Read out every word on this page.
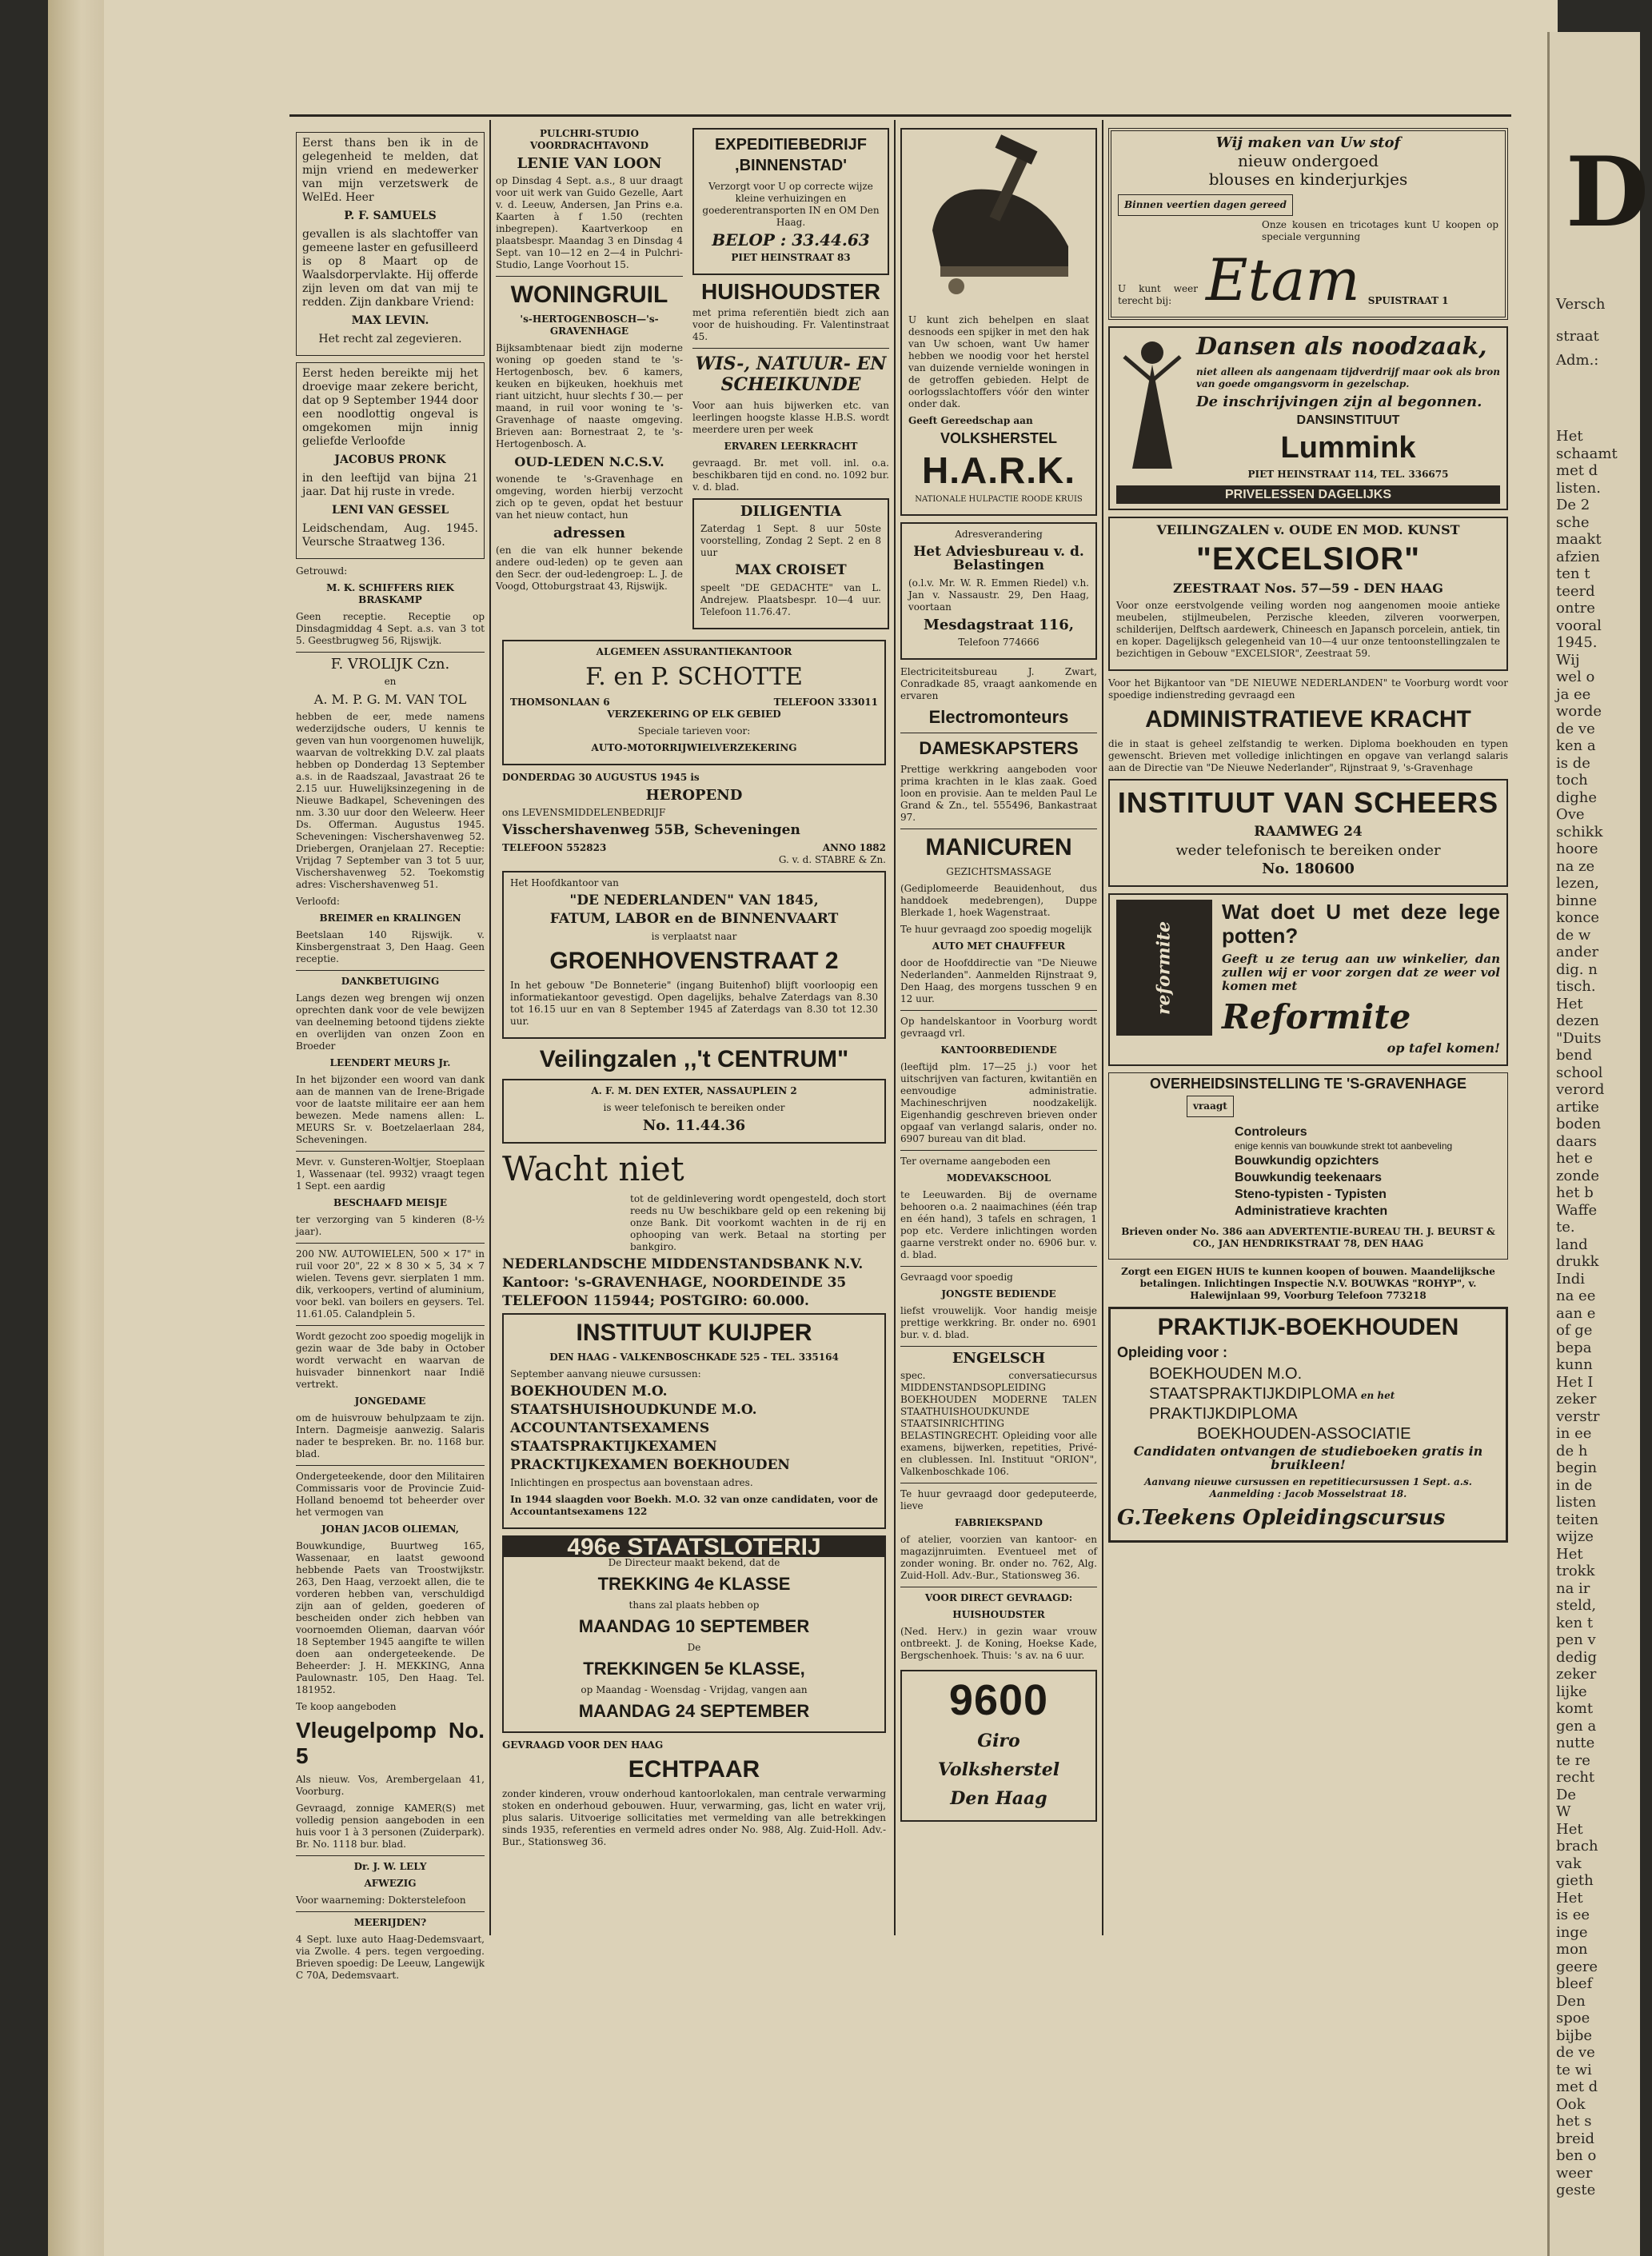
Eerst thans ben ik in de gelegenheid te melden, dat mijn vriend en medewerker van mijn verzetswerk de WelEd. Heer

P. F. SAMUELS

gevallen is als slachtoffer van gemeene laster en gefusilleerd is op 8 Maart op de Waalsdorpervlakte. Hij offerde zijn leven om dat van mij te redden. Zijn dankbare Vriend:

MAX LEVIN.

Het recht zal zegevieren.

Eerst heden bereikte mij het droevige maar zekere bericht, dat op 9 September 1944 door een noodlottig ongeval is omgekomen mijn innig geliefde Verloofde

JACOBUS PRONK

in den leeftijd van bijna 21 jaar. Dat hij ruste in vrede.

LENI VAN GESSEL

Leidschendam, Aug. 1945. Veursche Straatweg 136.

Getrouwd:

M. K. SCHIFFERS RIEK BRASKAMP

Geen receptie. Receptie op Dinsdagmiddag 4 Sept. a.s. van 3 tot 5. Geestbrugweg 56, Rijswijk.

F. VROLIJK Czn.

en

A. M. P. G. M. VAN TOL

hebben de eer, mede namens wederzijdsche ouders, U kennis te geven van hun voorgenomen huwelijk, waarvan de voltrekking D.V. zal plaats hebben op Donderdag 13 September a.s. in de Raadszaal, Javastraat 26 te 2.15 uur. Huwelijksinzegening in de Nieuwe Badkapel, Scheveningen des nm. 3.30 uur door den Weleerw. Heer Ds. Offerman. Augustus 1945. Scheveningen: Vischershavenweg 52. Driebergen, Oranjelaan 27. Receptie: Vrijdag 7 September van 3 tot 5 uur, Vischershavenweg 52. Toekomstig adres: Vischershavenweg 51.

Verloofd:

BREIMER en KRALINGEN

Beetslaan 140 Rijswijk. v. Kinsbergenstraat 3, Den Haag. Geen receptie.

DANKBETUIGING

Langs dezen weg brengen wij onzen oprechten dank voor de vele bewijzen van deelneming betoond tijdens ziekte en overlijden van onzen Zoon en Broeder

LEENDERT MEURS Jr.

In het bijzonder een woord van dank aan de mannen van de Irene-Brigade voor de laatste militaire eer aan hem bewezen. Mede namens allen: L. MEURS Sr. v. Boetzelaerlaan 284, Scheveningen.

Mevr. v. Gunsteren-Woltjer, Stoeplaan 1, Wassenaar (tel. 9932) vraagt tegen 1 Sept. een aardig

BESCHAAFD MEISJE

ter verzorging van 5 kinderen (8-½ jaar).

200 NW. AUTOWIELEN, 500 × 17" in ruil voor 20", 22 × 8 30 × 5, 34 × 7 wielen. Tevens gevr. sierplaten 1 mm. dik, verkoopers, vertind of aluminium, voor bekl. van boilers en geysers. Tel. 11.61.05. Calandplein 5.

Wordt gezocht zoo spoedig mogelijk in gezin waar de 3de baby in October wordt verwacht en waarvan de huisvader binnenkort naar Indië vertrekt.

JONGEDAME

om de huisvrouw behulpzaam te zijn. Intern. Dagmeisje aanwezig. Salaris nader te bespreken. Br. no. 1168 bur. blad.

Ondergeteekende, door den Militairen Commissaris voor de Provincie Zuid-Holland benoemd tot beheerder over het vermogen van

JOHAN JACOB OLIEMAN,

Bouwkundige, Buurtweg 165, Wassenaar, en laatst gewoond hebbende Paets van Troostwijkstr. 263, Den Haag, verzoekt allen, die te vorderen hebben van, verschuldigd zijn aan of gelden, goederen of bescheiden onder zich hebben van voornoemden Olieman, daarvan vóór 18 September 1945 aangifte te willen doen aan ondergeteekende. De Beheerder: J. H. MEKKING, Anna Paulownastr. 105, Den Haag. Tel. 181952.

Te koop aangeboden

Vleugelpomp No. 5

Als nieuw. Vos, Arembergelaan 41, Voorburg.

Gevraagd, zonnige KAMER(S) met volledig pension aangeboden in een huis voor 1 à 3 personen (Zuiderpark). Br. No. 1118 bur. blad.

Dr. J. W. LELY

AFWEZIG

Voor waarneming: Dokterstelefoon

MEERIJDEN?

4 Sept. luxe auto Haag-Dedemsvaart, via Zwolle. 4 pers. tegen vergoeding. Brieven spoedig: De Leeuw, Langewijk C 70A, Dedemsvaart.

PULCHRI-STUDIO VOORDRACHTAVOND

LENIE VAN LOON

op Dinsdag 4 Sept. a.s., 8 uur draagt voor uit werk van Guido Gezelle, Aart v. d. Leeuw, Andersen, Jan Prins e.a. Kaarten à f 1.50 (rechten inbegrepen). Kaartverkoop en plaatsbespr. Maandag 3 en Dinsdag 4 Sept. van 10—12 en 2—4 in Pulchri-Studio, Lange Voorhout 15.

WONINGRUIL

's-HERTOGENBOSCH—'s-GRAVENHAGE

Bijksambtenaar biedt zijn moderne woning op goeden stand te 's-Hertogenbosch, bev. 6 kamers, keuken en bijkeuken, hoekhuis met riant uitzicht, huur slechts f 30.— per maand, in ruil voor woning te 's-Gravenhage of naaste omgeving. Brieven aan: Bornestraat 2, te 's-Hertogenbosch. A.

OUD-LEDEN N.C.S.V.

wonende te 's-Gravenhage en omgeving, worden hierbij verzocht zich op te geven, opdat het bestuur van het nieuw contact, hun

adressen

(en die van elk hunner bekende andere oud-leden) op te geven aan den Secr. der oud-ledengroep: L. J. de Voogd, Ottoburgstraat 43, Rijswijk.

EXPEDITIEBEDRIJF ,BINNENSTAD'

Verzorgt voor U op correcte wijze kleine verhuizingen en goederentransporten IN en OM Den Haag.

BELOP : 33.44.63

PIET HEINSTRAAT 83

HUISHOUDSTER

met prima referentiën biedt zich aan voor de huishouding. Fr. Valentinstraat 45.

WIS-, NATUUR- EN SCHEIKUNDE

Voor aan huis bijwerken etc. van leerlingen hoogste klasse H.B.S. wordt meerdere uren per week

ERVAREN LEERKRACHT

gevraagd. Br. met voll. inl. o.a. beschikbaren tijd en cond. no. 1092 bur. v. d. blad.

DILIGENTIA

Zaterdag 1 Sept. 8 uur 50ste voorstelling, Zondag 2 Sept. 2 en 8 uur

MAX CROISET

speelt "DE GEDACHTE" van L. Andrejew. Plaatsbespr. 10—4 uur. Telefoon 11.76.47.

ALGEMEEN ASSURANTIEKANTOOR

F. en P. SCHOTTE

THOMSONLAAN 6	TELEFOON 333011

VERZEKERING OP ELK GEBIED

Speciale tarieven voor:

AUTO-MOTORRIJWIELVERZEKERING

DONDERDAG 30 AUGUSTUS 1945 is

HEROPEND

ons LEVENSMIDDELENBEDRIJF

Visschershavenweg 55B, Scheveningen

TELEFOON 552823	ANNO 1882

G. v. d. STABRE & Zn.

Het Hoofdkantoor van

"DE NEDERLANDEN" VAN 1845,

FATUM, LABOR en de BINNENVAART

is verplaatst naar

GROENHOVENSTRAAT 2

In het gebouw "De Bonneterie" (ingang Buitenhof) blijft voorloopig een informatiekantoor gevestigd. Open dagelijks, behalve Zaterdags van 8.30 tot 16.15 uur en van 8 September 1945 af Zaterdags van 8.30 tot 12.30 uur.

Veilingzalen ,,'t CENTRUM"

A. F. M. DEN EXTER, NASSAUPLEIN 2

is weer telefonisch te bereiken onder

No. 11.44.36

Wacht niet

tot de geldinlevering wordt opengesteld, doch stort reeds nu Uw beschikbare geld op een rekening bij onze Bank. Dit voorkomt wachten in de rij en ophooping van werk. Betaal na storting per bankgiro.

NEDERLANDSCHE MIDDENSTANDSBANK N.V.

Kantoor: 's-GRAVENHAGE, NOORDEINDE 35

TELEFOON 115944; POSTGIRO: 60.000.

INSTITUUT KUIJPER

DEN HAAG - VALKENBOSCHKADE 525 - TEL. 335164

September aanvang nieuwe cursussen:

BOEKHOUDEN M.O.

STAATSHUISHOUDKUNDE M.O.

ACCOUNTANTSEXAMENS

STAATSPRAKTIJKEXAMEN

PRACKTIJKEXAMEN BOEKHOUDEN

Inlichtingen en prospectus aan bovenstaan adres.

In 1944 slaagden voor Boekh. M.O. 32 van onze candidaten, voor de Accountantsexamens 122

496e STAATSLOTERIJ

De Directeur maakt bekend, dat de

TREKKING 4e KLASSE

thans zal plaats hebben op

MAANDAG 10 SEPTEMBER

De

TREKKINGEN 5e KLASSE,

op Maandag - Woensdag - Vrijdag, vangen aan

MAANDAG 24 SEPTEMBER

GEVRAAGD VOOR DEN HAAG

ECHTPAAR

zonder kinderen, vrouw onderhoud kantoorlokalen, man centrale verwarming stoken en onderhoud gebouwen. Huur, verwarming, gas, licht en water vrij, plus salaris. Uitvoerige sollicitaties met vermelding van alle betrekkingen sinds 1935, referenties en vermeld adres onder No. 988, Alg. Zuid-Holl. Adv.-Bur., Stationsweg 36.

U kunt zich behelpen en slaat desnoods een spijker in met den hak van Uw schoen, want Uw hamer hebben we noodig voor het herstel van duizende vernielde woningen in de getroffen gebieden. Helpt de oorlogsslachtoffers vóór den winter onder dak.

Geeft Gereedschap aan

VOLKSHERSTEL

H.A.R.K.

NATIONALE HULPACTIE ROODE KRUIS

Adresverandering

Het Adviesbureau v. d. Belastingen

(o.l.v. Mr. W. R. Emmen Riedel) v.h. Jan v. Nassaustr. 29, Den Haag, voortaan

Mesdagstraat 116,

Telefoon 774666

Electriciteitsbureau J. Zwart, Conradkade 85, vraagt aankomende en ervaren

Electromonteurs

DAMESKAPSTERS

Prettige werkkring aangeboden voor prima krachten in le klas zaak. Goed loon en provisie. Aan te melden Paul Le Grand & Zn., tel. 555496, Bankastraat 97.

MANICUREN

GEZICHTSMASSAGE

(Gediplomeerde Beauidenhout, dus handdoek medebrengen), Duppe Blerkade 1, hoek Wagenstraat.

Te huur gevraagd zoo spoedig mogelijk

AUTO MET CHAUFFEUR

door de Hoofddirectie van "De Nieuwe Nederlanden". Aanmelden Rijnstraat 9, Den Haag, des morgens tusschen 9 en 12 uur.

Op handelskantoor in Voorburg wordt gevraagd vrl.

KANTOORBEDIENDE

(leeftijd plm. 17—25 j.) voor het uitschrijven van facturen, kwitantiën en eenvoudige administratie. Machineschrijven noodzakelijk. Eigenhandig geschreven brieven onder opgaaf van verlangd salaris, onder no. 6907 bureau van dit blad.

Ter overname aangeboden een

MODEVAKSCHOOL

te Leeuwarden. Bij de overname behooren o.a. 2 naaimachines (één trap en één hand), 3 tafels en schragen, 1 pop etc. Verdere inlichtingen worden gaarne verstrekt onder no. 6906 bur. v. d. blad.

Gevraagd voor spoedig

JONGSTE BEDIENDE

liefst vrouwelijk. Voor handig meisje prettige werkkring. Br. onder no. 6901 bur. v. d. blad.

ENGELSCH

spec. conversatiecursus MIDDENSTANDSOPLEIDING BOEKHOUDEN MODERNE TALEN STAATHUISHOUDKUNDE STAATSINRICHTING BELASTINGRECHT. Opleiding voor alle examens, bijwerken, repetities, Privé- en clublessen. Inl. Instituut "ORION", Valkenboschkade 106.

Te huur gevraagd door gedeputeerde, lieve

FABRIEKSPAND

of atelier, voorzien van kantoor- en magazijnruimten. Eventueel met of zonder woning. Br. onder no. 762, Alg. Zuid-Holl. Adv.-Bur., Stationsweg 36.

VOOR DIRECT GEVRAAGD:

HUISHOUDSTER

(Ned. Herv.) in gezin waar vrouw ontbreekt. J. de Koning, Hoekse Kade, Bergschenhoek. Thuis: 's av. na 6 uur.

9600

Giro

Volksherstel

Den Haag

Wij maken van Uw stof

nieuw ondergoed

blouses en kinderjurkjes

Binnen veertien dagen gereed

Onze kousen en tricotages kunt U koopen op speciale vergunning

U kunt weer terecht bij: Etam SPUISTRAAT 1

Dansen als noodzaak,

niet alleen als aangenaam tijdverdrijf maar ook als bron van goede omgangsvorm in gezelschap.

De inschrijvingen zijn al begonnen.

DANSINSTITUUT

Lummink

PIET HEINSTRAAT 114, TEL. 336675

PRIVELESSEN DAGELIJKS

VEILINGZALEN v. OUDE EN MOD. KUNST

"EXCELSIOR"

ZEESTRAAT Nos. 57—59 - DEN HAAG

Voor onze eerstvolgende veiling worden nog aangenomen mooie antieke meubelen, stijlmeubelen, Perzische kleeden, zilveren voorwerpen, schilderijen, Delftsch aardewerk, Chineesch en Japansch porcelein, antiek, tin en koper. Dagelijksch gelegenheid van 10—4 uur onze tentoonstellingzalen te bezichtigen in Gebouw "EXCELSIOR", Zeestraat 59.

Voor het Bijkantoor van "DE NIEUWE NEDERLANDEN" te Voorburg wordt voor spoedige indienstreding gevraagd een

ADMINISTRATIEVE KRACHT

die in staat is geheel zelfstandig te werken. Diploma boekhouden en typen gewenscht. Brieven met volledige inlichtingen en opgave van verlangd salaris aan de Directie van "De Nieuwe Nederlander", Rijnstraat 9, 's-Gravenhage

INSTITUUT VAN SCHEERS

RAAMWEG 24

weder telefonisch te bereiken onder

No. 180600

reformite

Wat doet U met deze lege potten?

Geeft u ze terug aan uw winkelier, dan zullen wij er voor zorgen dat ze weer vol komen met

Reformite

op tafel komen!

OVERHEIDSINSTELLING TE 'S-GRAVENHAGE

vraagt

Controleurs

enige kennis van bouwkunde strekt tot aanbeveling

Bouwkundig opzichters

Bouwkundig teekenaars

Steno-typisten - Typisten

Administratieve krachten

Brieven onder No. 386 aan ADVERTENTIE-BUREAU TH. J. BEURST & CO., JAN HENDRIKSTRAAT 78, DEN HAAG

Zorgt een EIGEN HUIS te kunnen koopen of bouwen. Maandelijksche betalingen. Inlichtingen Inspectie N.V. BOUWKAS "ROHYP", v. Halewijnlaan 99, Voorburg Telefoon 773218

PRAKTIJK-BOEKHOUDEN

Opleiding voor :

BOEKHOUDEN M.O.

STAATSPRAKTIJKDIPLOMA en het

PRAKTIJKDIPLOMA

BOEKHOUDEN-ASSOCIATIE

Candidaten ontvangen de studieboeken gratis in bruikleen!

Aanvang nieuwe cursussen en repetitiecursussen 1 Sept. a.s. Aanmelding : Jacob Mosselstraat 18.

G.Teekens Opleidingscursus

D
Versch
straat
Adm.:
Het
schaamt
met d
listen.
De 2
sche
maakt
afzien
ten t
teerd
ontre
vooral
1945.
Wij
wel o
ja ee
worde
de ve
ken a
is de
toch
dighe
Ove
schikk
hoore
na ze
lezen,
binne
konce
de w
ander
dig. n
tisch.
Het
dezen
"Duits
bend
school
verord
artike
boden
daars
het e
zonde
het b
Waffe
te.
land
drukk
Indi
na ee
aan e
of ge
bepa
kunn
Het I
zeker
verstr
in ee
de h
begin
in de
listen
teiten
wijze
Het
trokk
na ir
steld,
ken t
pen v
dedig
zeker
lijke
komt
gen a
nutte
te re
recht
De
W
Het
brach
vak
gieth
Het
is ee
inge
mon
geere
bleef
Den
spoe
bijbe
de ve
te wi
met d
Ook
het s
breid
ben o
weer
geste
